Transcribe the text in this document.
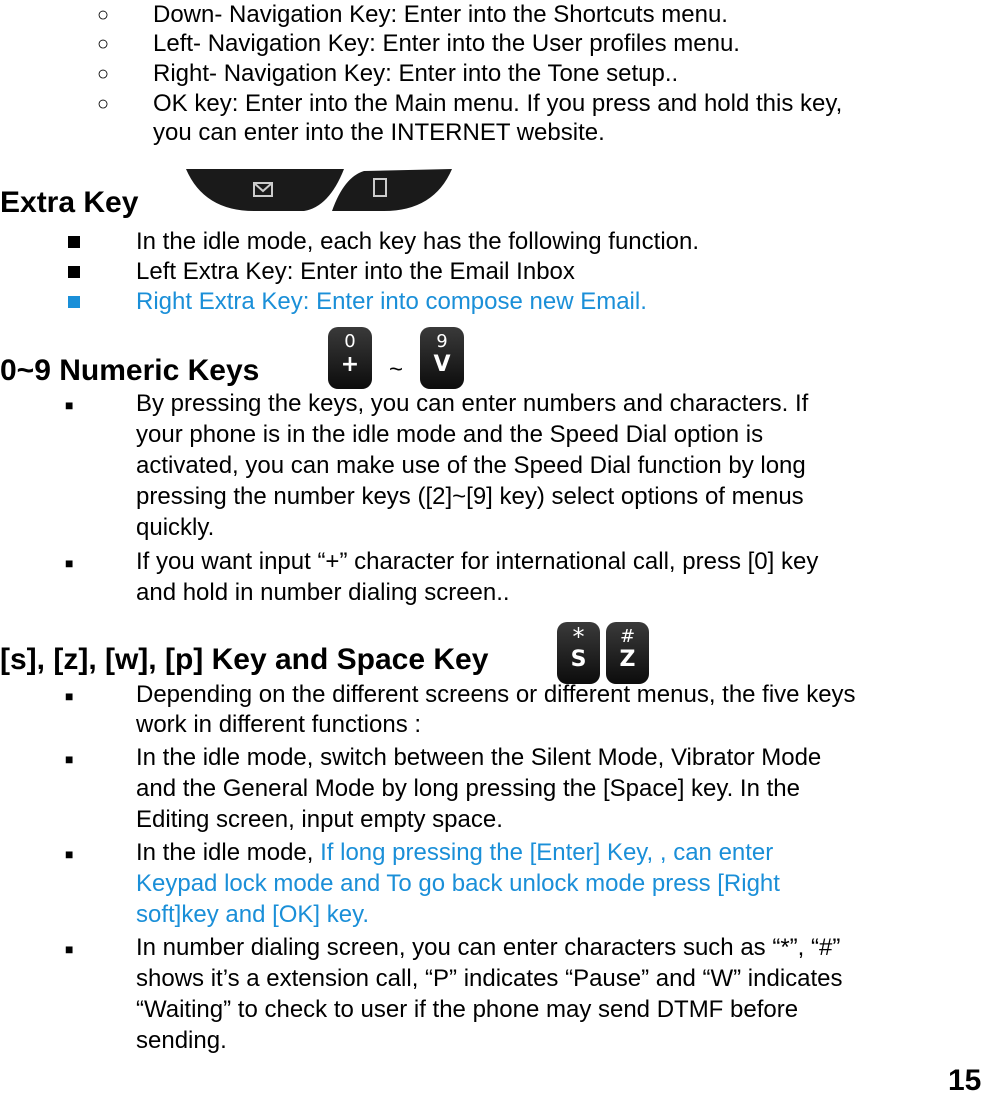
○ Down- Navigation Key: Enter into the Shortcuts menu.
○ Left- Navigation Key: Enter into the User profiles menu.
○ Right- Navigation Key: Enter into the Tone setup..
○ OK key: Enter into the Main menu. If you press and hold this key,
you can enter into the INTERNET website.
Extra Key
In the idle mode, each key has the following function.
Left Extra Key: Enter into the Email Inbox
Right Extra Key: Enter into compose new Email.
0~9 Numeric Keys
0
+	~
9
V
■	By pressing the keys, you can enter numbers and characters. If
your phone is in the idle mode and the Speed Dial option is
activated, you can make use of the Speed Dial function by long
pressing the number keys ([2]~[9] key) select options of menus
quickly.
■	If you want input “+” character for international call, press [0] key
and hold in number dialing screen..
[s], [z], [w], [p] Key and Space Key
*
S
#
Z
■	Depending on the different screens or different menus, the five keys
work in different functions :
■	In the idle mode, switch between the Silent Mode, Vibrator Mode
and the General Mode by long pressing the [Space] key. In the
Editing screen, input empty space.
■	In the idle mode, If long pressing the [Enter] Key, , can enter
Keypad lock mode and To go back unlock mode press [Right
soft]key and [OK] key.
■	In number dialing screen, you can enter characters such as “*”, “#”
shows it’s a extension call, “P” indicates “Pause” and “W” indicates
“Waiting” to check to user if the phone may send DTMF before
sending.
15
